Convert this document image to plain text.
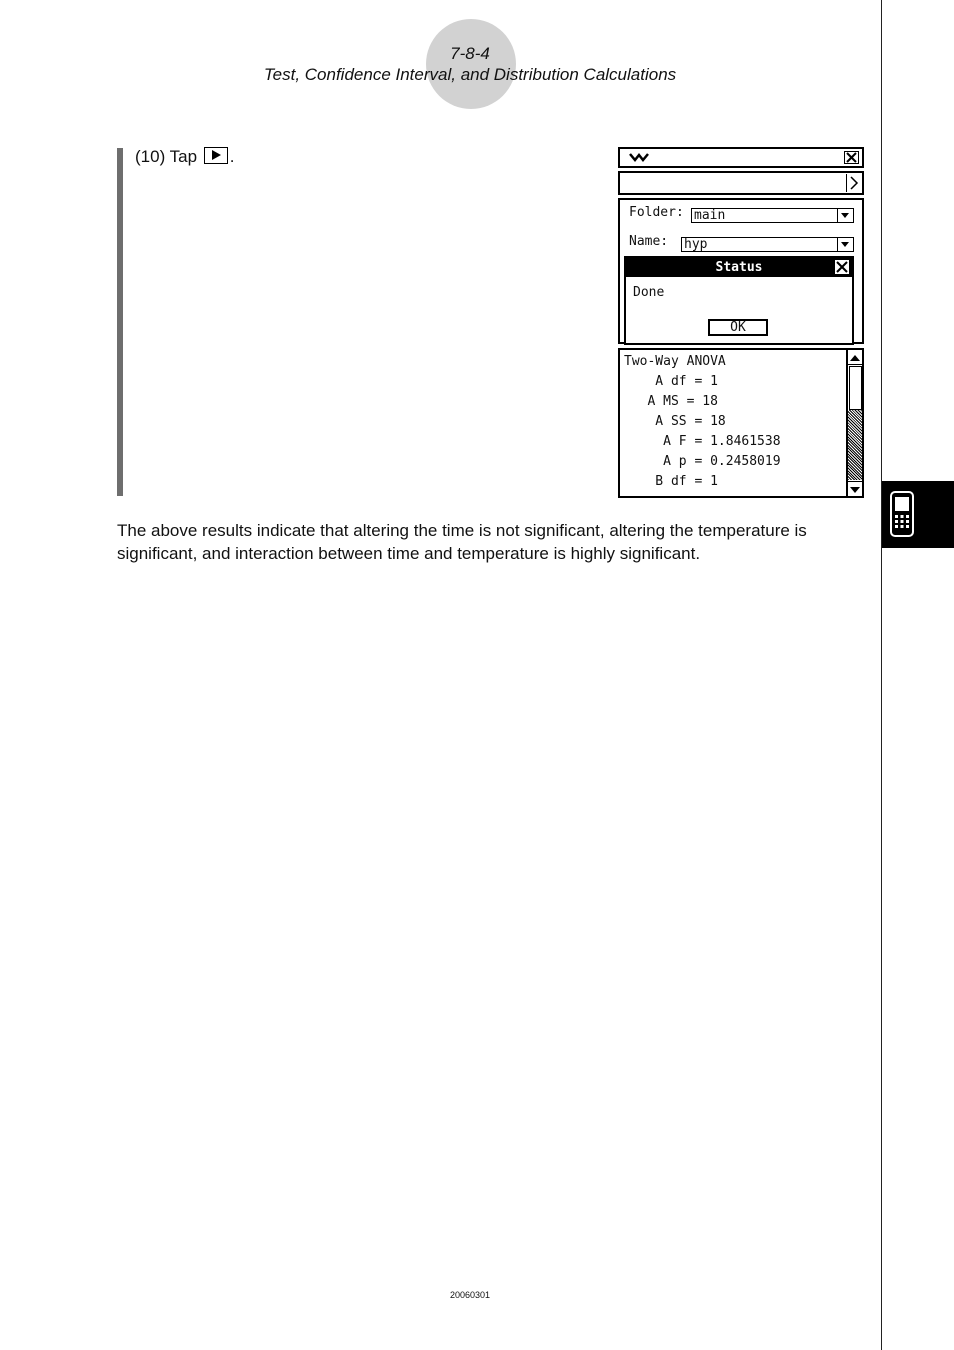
7-8-4
Test, Confidence Interval, and Distribution Calculations
(10) Tap .
Folder: main
Name: hyp
Status
Done
OK
Two-Way ANOVA
A df = 1
A MS = 18
A SS = 18
A F = 1.8461538
A p = 0.2458019
B df = 1
The above results indicate that altering the time is not significant, altering the temperature is significant, and interaction between time and temperature is highly significant.
20060301
